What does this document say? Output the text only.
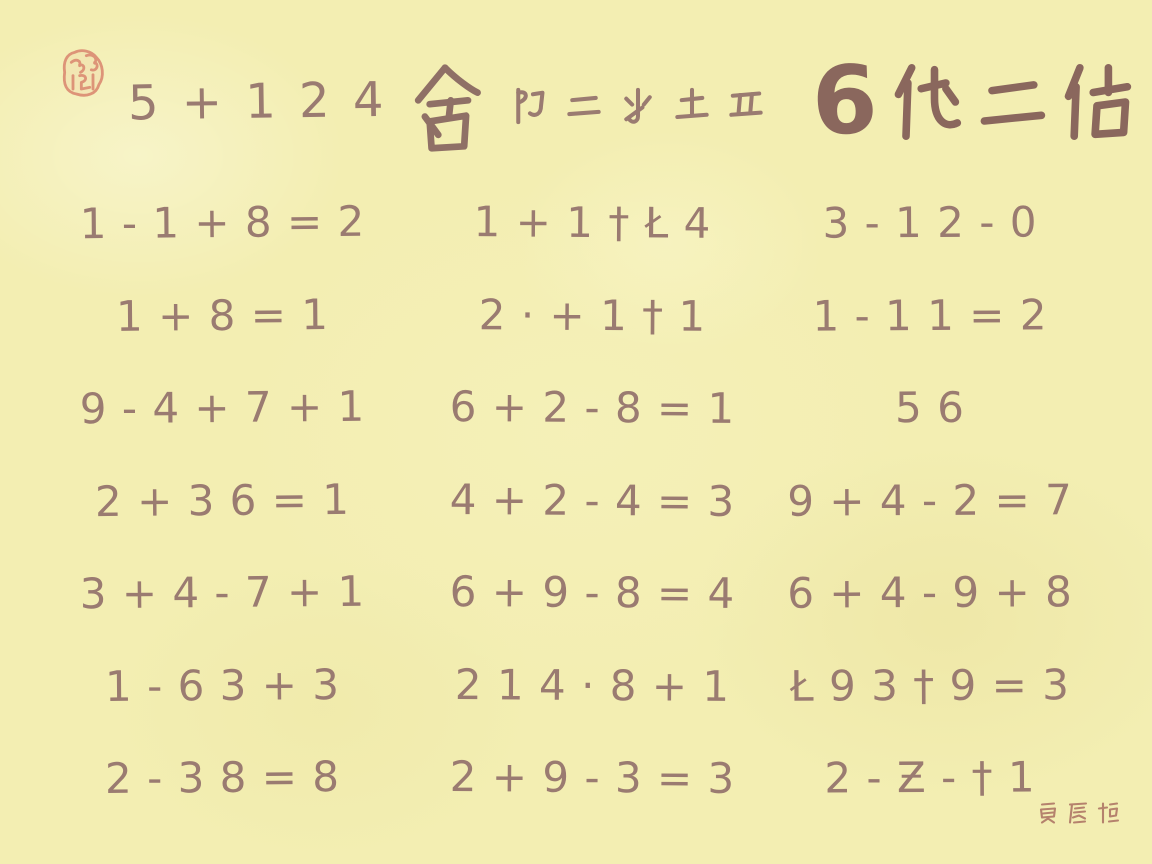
5 + 1 2 4	6
1 - 1 + 8 = 2	1 + 1 † Ł 4	3 - 1 2 - 0
1 + 8 = 1	2 · + 1 † 1	1 - 1 1 = 2
9 - 4 + 7 + 1	6 + 2 - 8 = 1	5 6
2 + 3 6 = 1	4 + 2 - 4 = 3	9 + 4 - 2 = 7
3 + 4 - 7 + 1	6 + 9 - 8 = 4	6 + 4 - 9 + 8
1 - 6 3 + 3	2 1 4 · 8 + 1	Ł 9 3 † 9 = 3
2 - 3 8 = 8	2 + 9 - 3 = 3	2 - Ƶ - † 1
